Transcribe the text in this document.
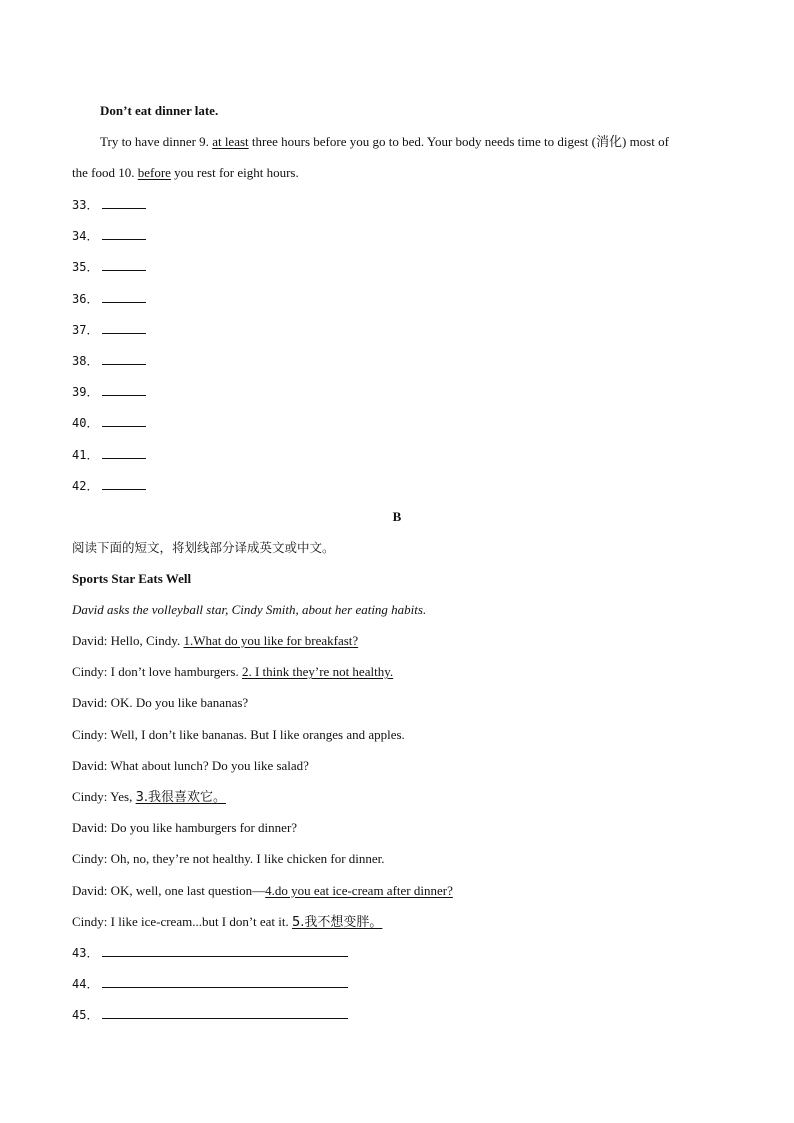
Don’t eat dinner late.
Try to have dinner 9. at least three hours before you go to bed. Your body needs time to digest (消化) most of
the food 10. before you rest for eight hours.
33．
34．
35．
36．
37．
38．
39．
40．
41．
42．
B
阅读下面的短文，将划线部分译成英文或中文。
Sports Star Eats Well
David asks the volleyball star, Cindy Smith, about her eating habits.
David: Hello, Cindy. 1.What do you like for breakfast?
Cindy: I don’t love hamburgers. 2. I think they’re not healthy.
David: OK. Do you like bananas?
Cindy: Well, I don’t like bananas. But I like oranges and apples.
David: What about lunch? Do you like salad?
Cindy: Yes, 3.我很喜欢它。
David: Do you like hamburgers for dinner?
Cindy: Oh, no, they’re not healthy. I like chicken for dinner.
David: OK, well, one last question—4.do you eat ice-cream after dinner?
Cindy: I like ice-cream...but I don’t eat it. 5.我不想变胖。
43．
44．
45．
